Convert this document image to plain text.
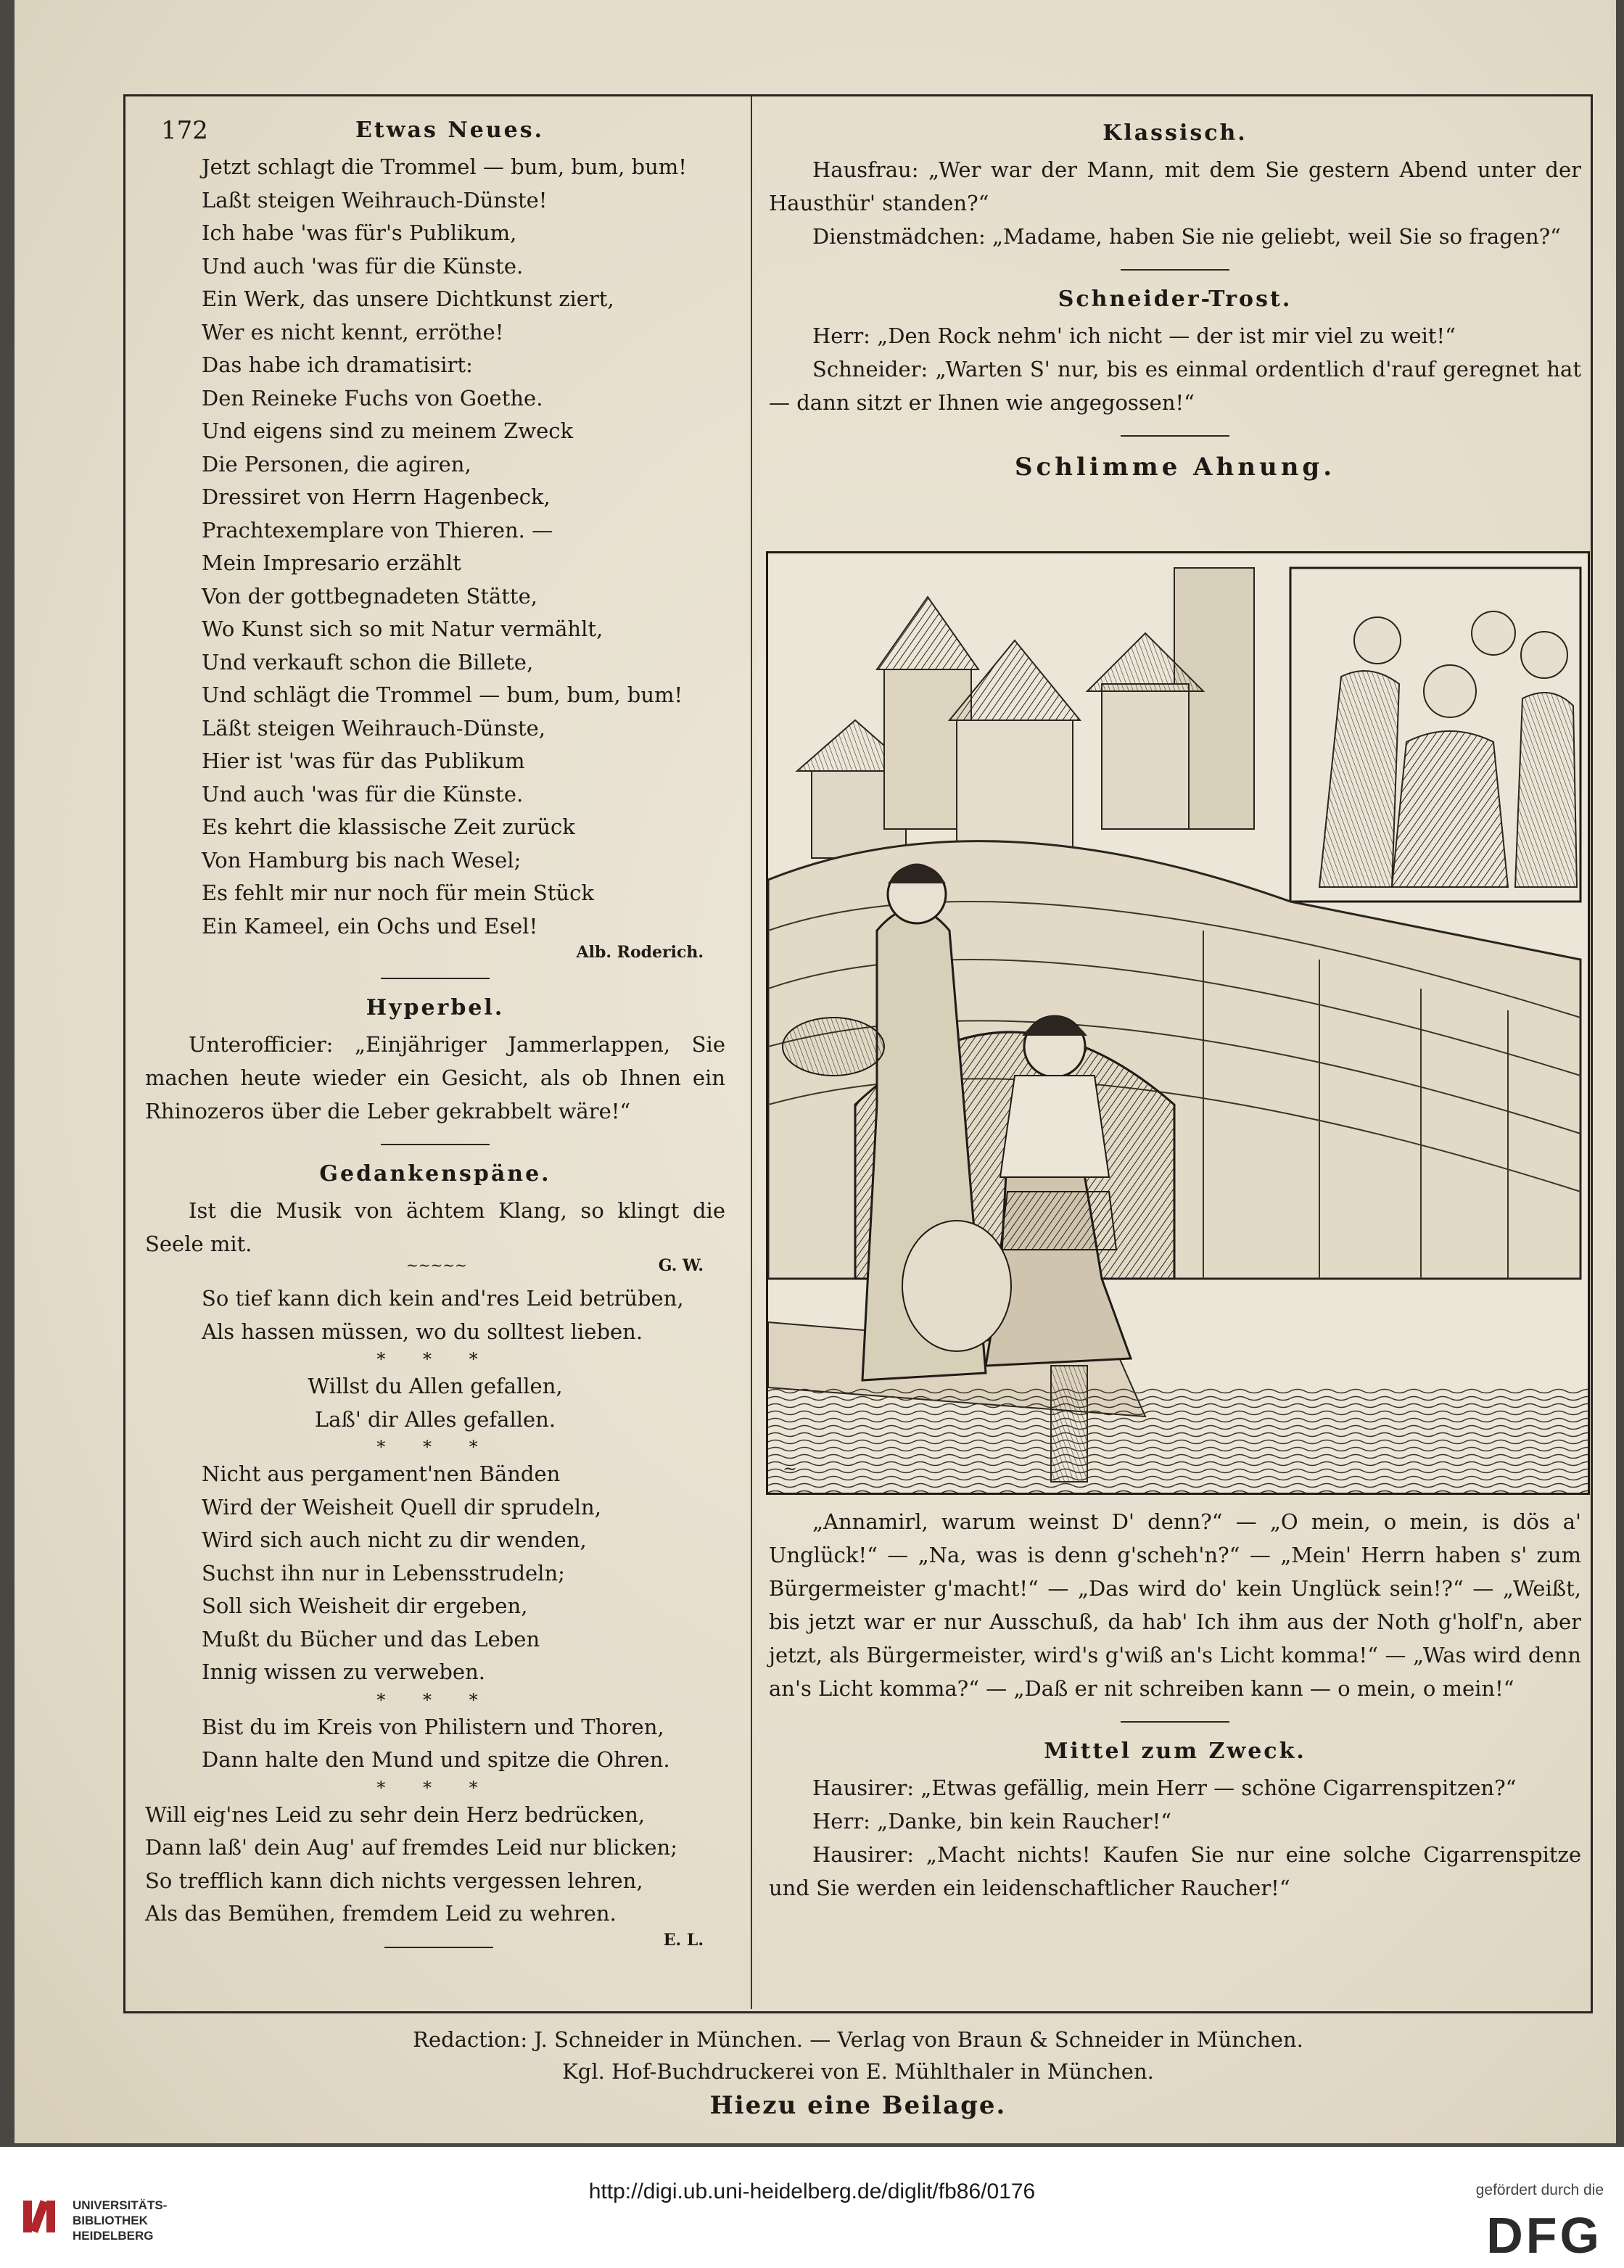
172	Etwas Neues.
Jetzt schlagt die Trommel — bum, bum, bum!
Laßt steigen Weihrauch-Dünste!
Ich habe 'was für's Publikum,
Und auch 'was für die Künste.
Ein Werk, das unsere Dichtkunst ziert,
Wer es nicht kennt, erröthe!
Das habe ich dramatisirt:
Den Reineke Fuchs von Goethe.
Und eigens sind zu meinem Zweck
Die Personen, die agiren,
Dressiret von Herrn Hagenbeck,
Prachtexemplare von Thieren. —
Mein Impresario erzählt
Von der gottbegnadeten Stätte,
Wo Kunst sich so mit Natur vermählt,
Und verkauft schon die Billete,
Und schlägt die Trommel — bum, bum, bum!
Läßt steigen Weihrauch-Dünste,
Hier ist 'was für das Publikum
Und auch 'was für die Künste.
Es kehrt die klassische Zeit zurück
Von Hamburg bis nach Wesel;
Es fehlt mir nur noch für mein Stück
Ein Kameel, ein Ochs und Esel!
Alb. Roderich.
Hyperbel.
Unterofficier: „Einjähriger Jammerlappen, Sie machen heute wieder ein Gesicht, als ob Ihnen ein Rhinozeros über die Leber gekrabbelt wäre!“
Gedankenspäne.
Ist die Musik von ächtem Klang, so klingt die Seele mit.
~~~~~	G. W.
So tief kann dich kein and'res Leid betrüben,
Als hassen müssen, wo du solltest lieben.
* * *
Willst du Allen gefallen,
Laß' dir Alles gefallen.
* * *
Nicht aus pergament'nen Bänden
Wird der Weisheit Quell dir sprudeln,
Wird sich auch nicht zu dir wenden,
Suchst ihn nur in Lebensstrudeln;
Soll sich Weisheit dir ergeben,
Mußt du Bücher und das Leben
Innig wissen zu verweben.
* * *
Bist du im Kreis von Philistern und Thoren,
Dann halte den Mund und spitze die Ohren.
* * *
Will eig'nes Leid zu sehr dein Herz bedrücken,
Dann laß' dein Aug' auf fremdes Leid nur blicken;
So trefflich kann dich nichts vergessen lehren,
Als das Bemühen, fremdem Leid zu wehren.
E. L.
Klassisch.
Hausfrau: „Wer war der Mann, mit dem Sie gestern Abend unter der Hausthür' standen?“
Dienstmädchen: „Madame, haben Sie nie geliebt, weil Sie so fragen?“
Schneider-Trost.
Herr: „Den Rock nehm' ich nicht — der ist mir viel zu weit!“
Schneider: „Warten S' nur, bis es einmal ordentlich d'rauf geregnet hat — dann sitzt er Ihnen wie angegossen!“
Schlimme Ahnung.
~
„Annamirl, warum weinst D' denn?“ — „O mein, o mein, is dös a' Unglück!“ — „Na, was is denn g'scheh'n?“ — „Mein' Herrn haben s' zum Bürgermeister g'macht!“ — „Das wird do' kein Unglück sein!?“ — „Weißt, bis jetzt war er nur Ausschuß, da hab' Ich ihm aus der Noth g'holf'n, aber jetzt, als Bürgermeister, wird's g'wiß an's Licht komma!“ — „Was wird denn an's Licht komma?“ — „Daß er nit schreiben kann — o mein, o mein!“
Mittel zum Zweck.
Hausirer: „Etwas gefällig, mein Herr — schöne Cigarrenspitzen?“
Herr: „Danke, bin kein Raucher!“
Hausirer: „Macht nichts! Kaufen Sie nur eine solche Cigarrenspitze und Sie werden ein leidenschaftlicher Raucher!“
Redaction: J. Schneider in München. — Verlag von Braun & Schneider in München.
Kgl. Hof-Buchdruckerei von E. Mühlthaler in München.
Hiezu eine Beilage.
UNIVERSITÄTS-
BIBLIOTHEK
HEIDELBERG
http://digi.ub.uni-heidelberg.de/diglit/fb86/0176	gefördert durch die
DFG
